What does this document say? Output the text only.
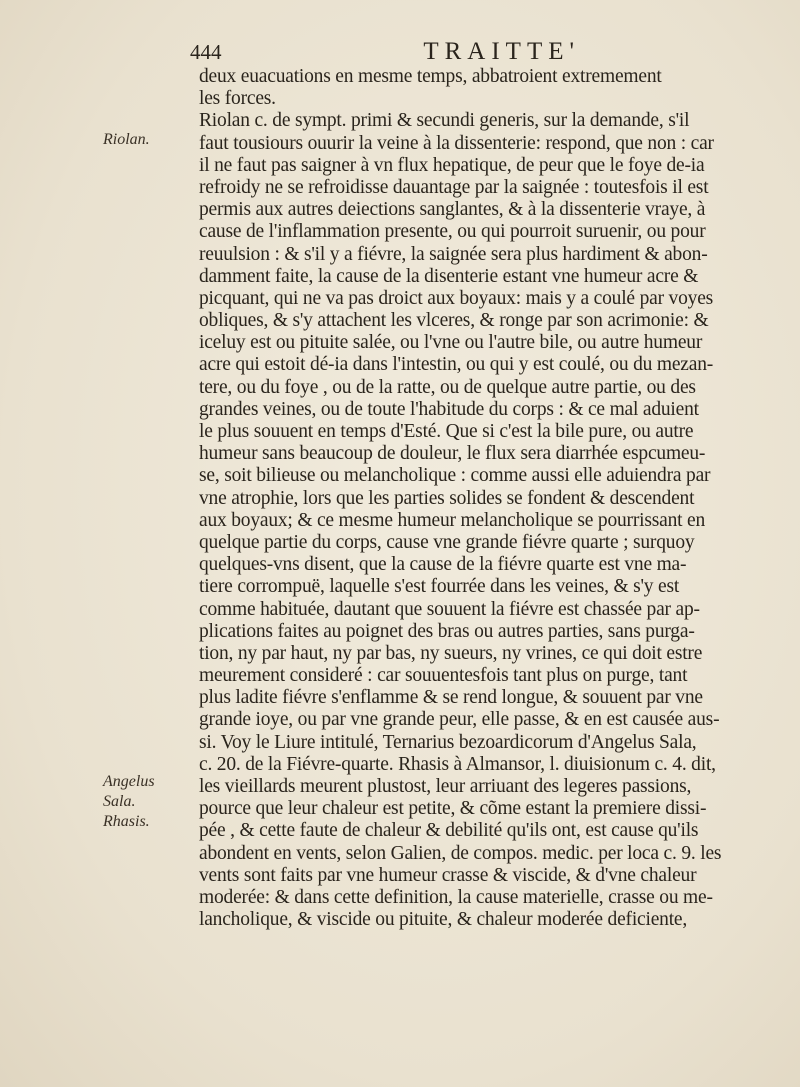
444	TRAITTE'
Riolan.
Angelus
Sala.
Rhasis.
deux euacuations en mesme temps, abbatroient extremement
les forces.
Riolan c. de sympt. primi & secundi generis, sur la demande, s'il
faut tousiours ouurir la veine à la dissenterie: respond, que non : car
il ne faut pas saigner à vn flux hepatique, de peur que le foye de-ia
refroidy ne se refroidisse dauantage par la saignée : toutesfois il est
permis aux autres deiections sanglantes, & à la dissenterie vraye, à
cause de l'inflammation presente, ou qui pourroit suruenir, ou pour
reuulsion : & s'il y a fiévre, la saignée sera plus hardiment & abon-
damment faite, la cause de la disenterie estant vne humeur acre &
picquant, qui ne va pas droict aux boyaux: mais y a coulé par voyes
obliques, & s'y attachent les vlceres, & ronge par son acrimonie: &
iceluy est ou pituite salée, ou l'vne ou l'autre bile, ou autre humeur
acre qui estoit dé-ia dans l'intestin, ou qui y est coulé, ou du mezan-
tere, ou du foye , ou de la ratte, ou de quelque autre partie, ou des
grandes veines, ou de toute l'habitude du corps : & ce mal aduient
le plus souuent en temps d'Esté. Que si c'est la bile pure, ou autre
humeur sans beaucoup de douleur, le flux sera diarrhée espcumeu-
se, soit bilieuse ou melancholique : comme aussi elle aduiendra par
vne atrophie, lors que les parties solides se fondent & descendent
aux boyaux; & ce mesme humeur melancholique se pourrissant en
quelque partie du corps, cause vne grande fiévre quarte ; surquoy
quelques-vns disent, que la cause de la fiévre quarte est vne ma-
tiere corrompuë, laquelle s'est fourrée dans les veines, & s'y est
comme habituée, dautant que souuent la fiévre est chassée par ap-
plications faites au poignet des bras ou autres parties, sans purga-
tion, ny par haut, ny par bas, ny sueurs, ny vrines, ce qui doit estre
meurement consideré : car souuentesfois tant plus on purge, tant
plus ladite fiévre s'enflamme & se rend longue, & souuent par vne
grande ioye, ou par vne grande peur, elle passe, & en est causée aus-
si. Voy le Liure intitulé, Ternarius bezoardicorum d'Angelus Sala,
c. 20. de la Fiévre-quarte. Rhasis à Almansor, l. diuisionum c. 4. dit,
les vieillards meurent plustost, leur arriuant des legeres passions,
pource que leur chaleur est petite, & cõme estant la premiere dissi-
pée , & cette faute de chaleur & debilité qu'ils ont, est cause qu'ils
abondent en vents, selon Galien, de compos. medic. per loca c. 9. les
vents sont faits par vne humeur crasse & viscide, & d'vne chaleur
moderée: & dans cette definition, la cause materielle, crasse ou me-
lancholique, & viscide ou pituite, & chaleur moderée deficiente,
